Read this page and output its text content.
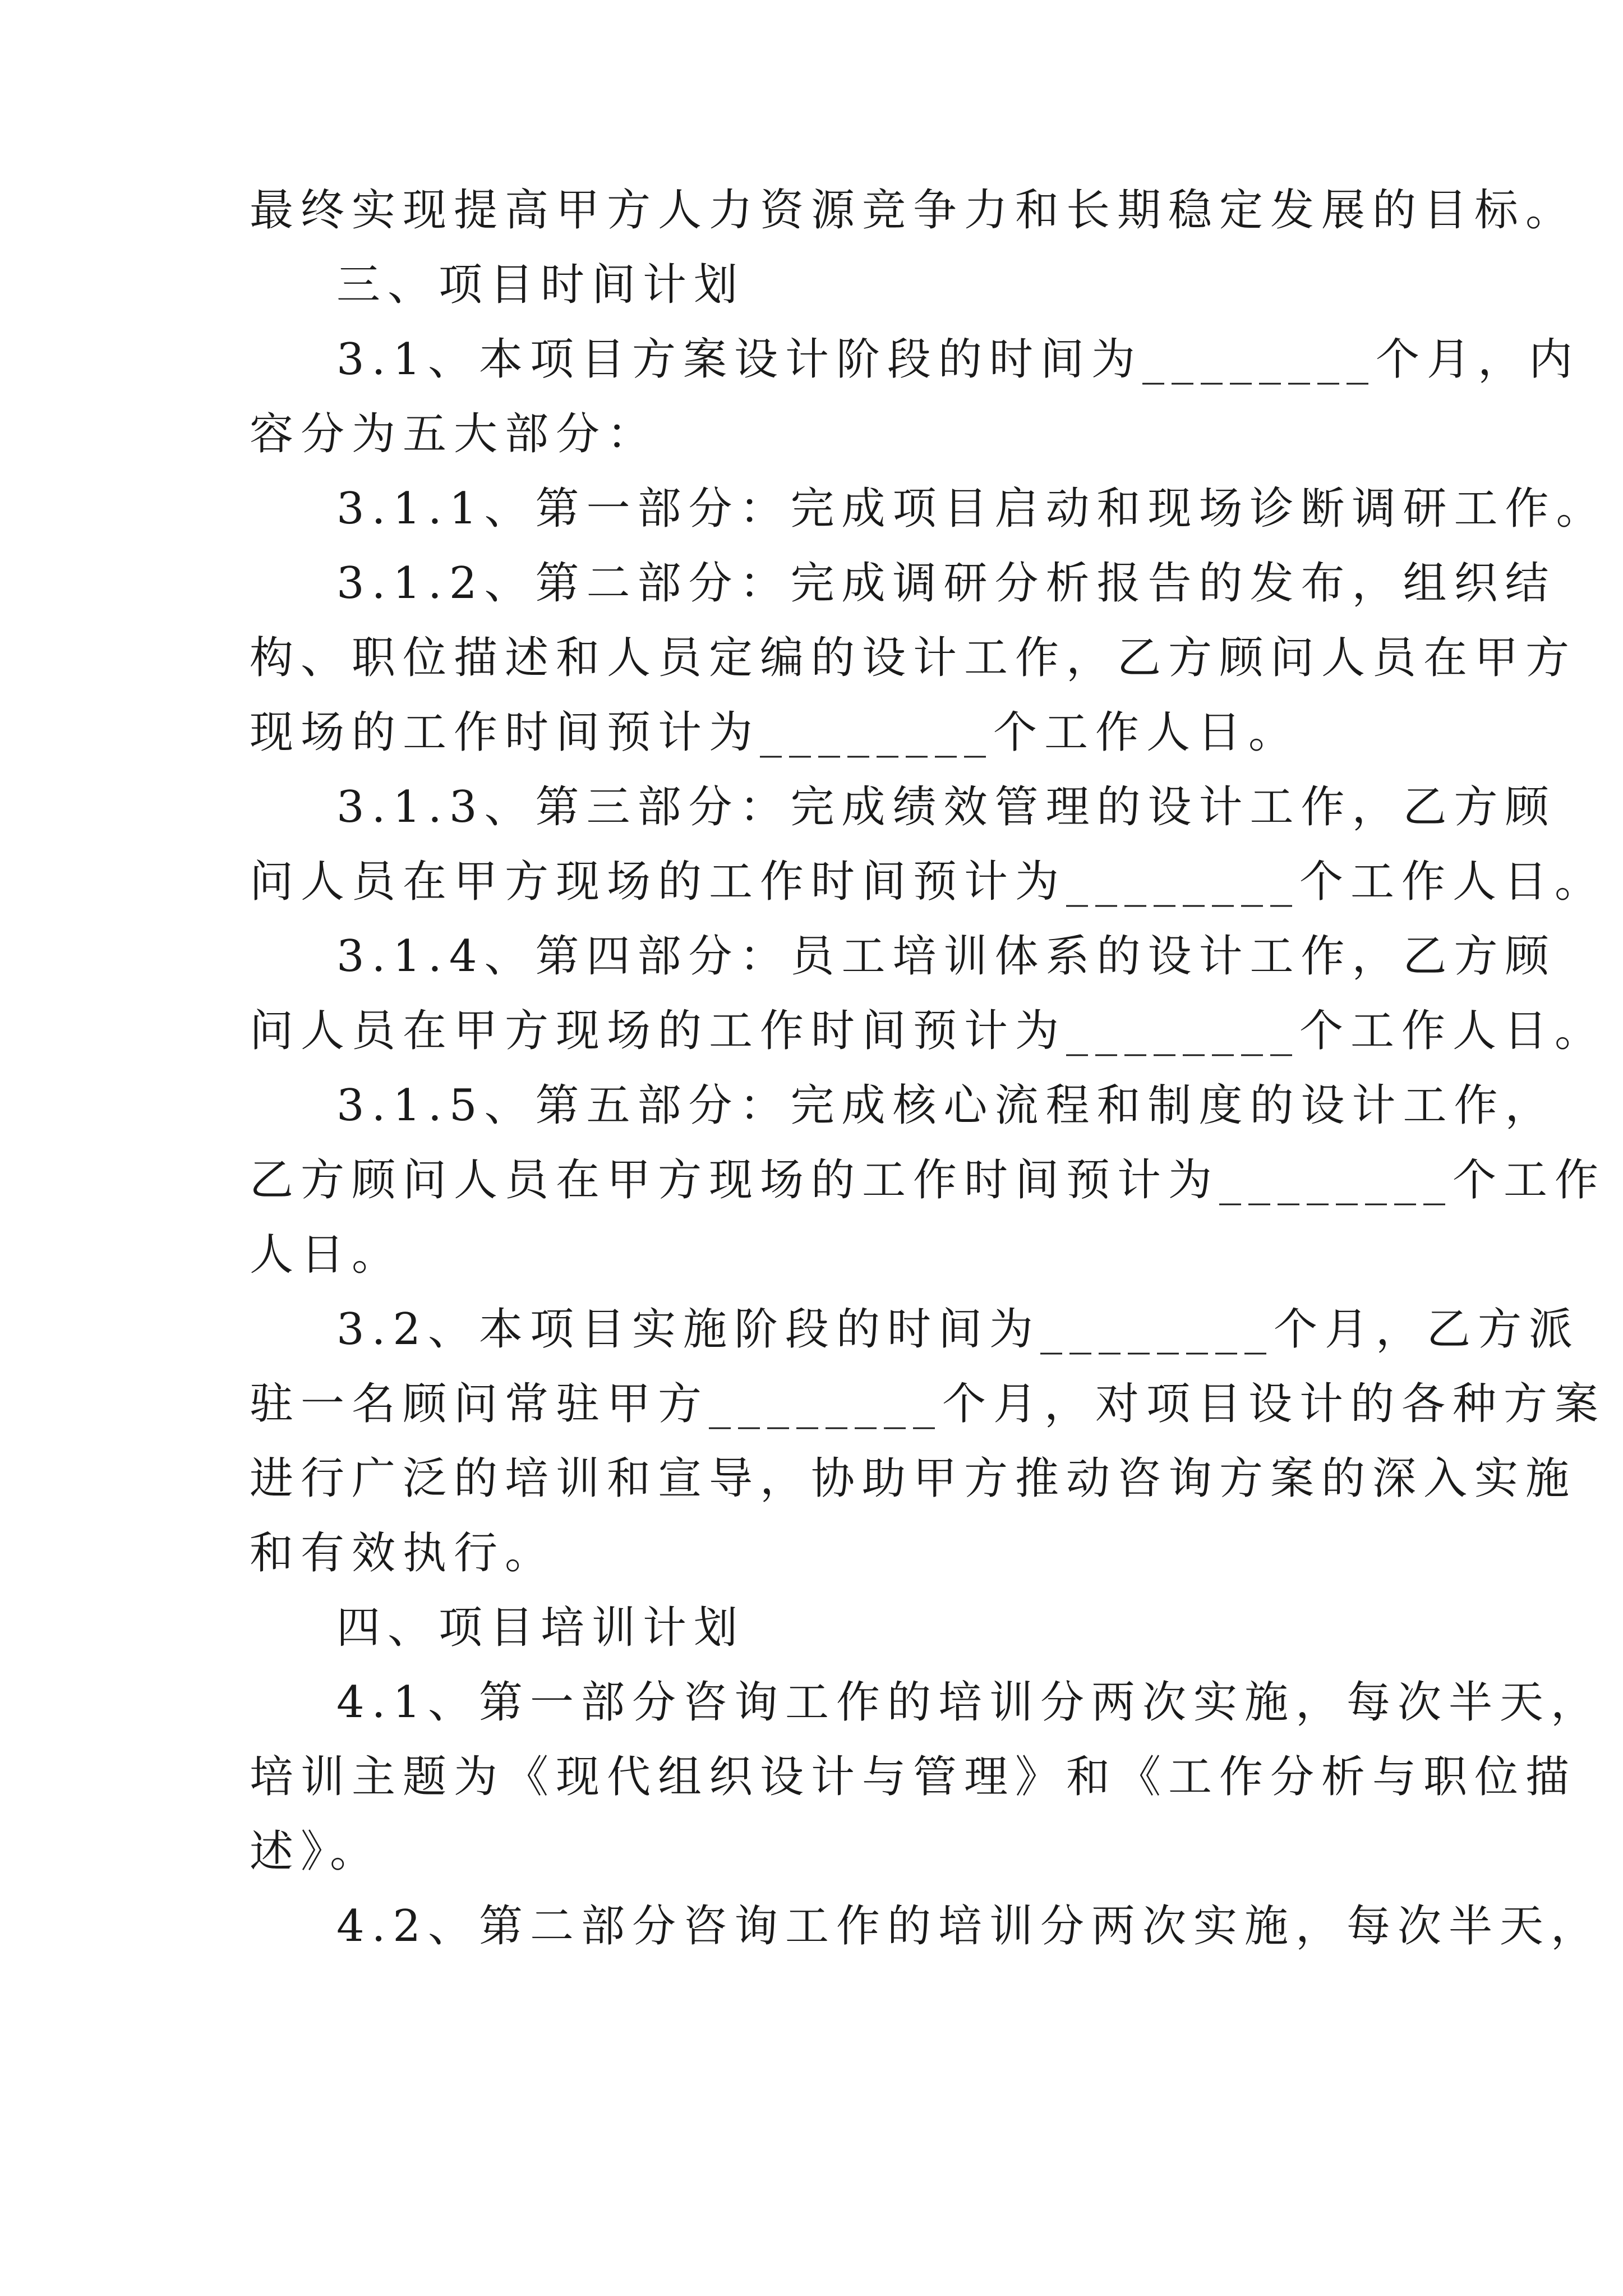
最终实现提高甲方人力资源竞争力和长期稳定发展的目标。
三、项目时间计划
3.1、本项目方案设计阶段的时间为________个月，内
容分为五大部分：
3.1.1、第一部分：完成项目启动和现场诊断调研工作。
3.1.2、第二部分：完成调研分析报告的发布，组织结
构、职位描述和人员定编的设计工作，乙方顾问人员在甲方
现场的工作时间预计为________个工作人日。
3.1.3、第三部分：完成绩效管理的设计工作，乙方顾
问人员在甲方现场的工作时间预计为________个工作人日。
3.1.4、第四部分：员工培训体系的设计工作，乙方顾
问人员在甲方现场的工作时间预计为________个工作人日。
3.1.5、第五部分：完成核心流程和制度的设计工作，
乙方顾问人员在甲方现场的工作时间预计为________个工作
人日。
3.2、本项目实施阶段的时间为________个月，乙方派
驻一名顾问常驻甲方________个月，对项目设计的各种方案
进行广泛的培训和宣导，协助甲方推动咨询方案的深入实施
和有效执行。
四、项目培训计划
4.1、第一部分咨询工作的培训分两次实施，每次半天，
培训主题为《现代组织设计与管理》和《工作分析与职位描
述》。
4.2、第二部分咨询工作的培训分两次实施，每次半天，
